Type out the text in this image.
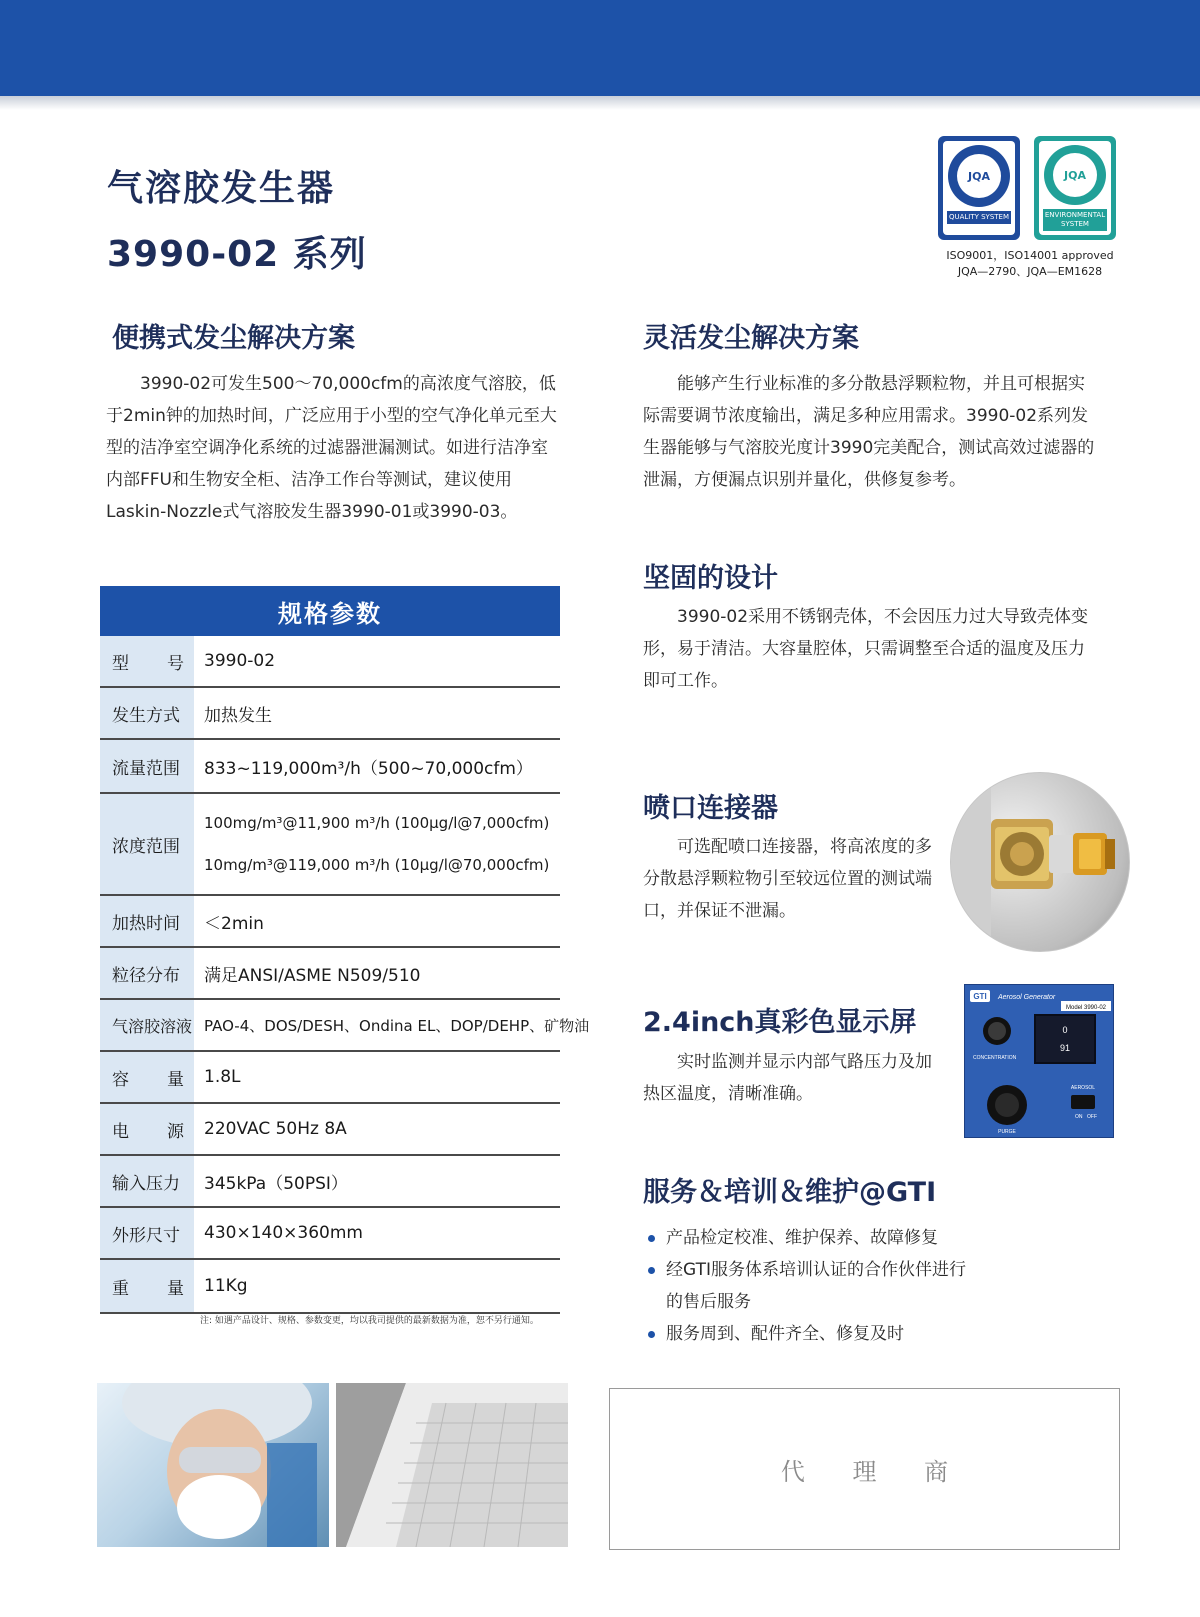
气溶胶发生器
3990-02 系列
JQA
QUALITY SYSTEM
JQA
ENVIRONMENTAL SYSTEM
ISO9001，ISO14001 approved
JQA—2790、JQA—EM1628
便携式发尘解决方案

3990-02可发生500～70,000cfm的高浓度气溶胶，低于2min钟的加热时间，广泛应用于小型的空气净化单元至大型的洁净室空调净化系统的过滤器泄漏测试。如进行洁净室内部FFU和生物安全柜、洁净工作台等测试，建议使用Laskin-Nozzle式气溶胶发生器3990-01或3990-03。

规格参数
型 号	3990-02
发生方式	加热发生
流量范围	833~119,000m³/h（500~70,000cfm）
浓度范围
100mg/m³@11,900 m³/h (100μg/l@7,000cfm)
10mg/m³@119,000 m³/h (10μg/l@70,000cfm)
加热时间	＜2min
粒径分布	满足ANSI/ASME N509/510
气溶胶溶液 PAO-4、DOS/DESH、Ondina EL、DOP/DEHP、矿物油
容 量	1.8L
电 源	220VAC 50Hz 8A
输入压力	345kPa（50PSI）
外形尺寸	430×140×360mm
重 量	11Kg
注: 如遇产品设计、规格、参数变更，均以我司提供的最新数据为准，恕不另行通知。
灵活发尘解决方案

能够产生行业标准的多分散悬浮颗粒物，并且可根据实际需要调节浓度输出，满足多种应用需求。3990-02系列发生器能够与气溶胶光度计3990完美配合，测试高效过滤器的泄漏，方便漏点识别并量化，供修复参考。

坚固的设计

3990-02采用不锈钢壳体，不会因压力过大导致壳体变形，易于清洁。大容量腔体，只需调整至合适的温度及压力即可工作。

喷口连接器

可选配喷口连接器，将高浓度的多分散悬浮颗粒物引至较远位置的测试端口，并保证不泄漏。

2.4inch真彩色显示屏

实时监测并显示内部气路压力及加热区温度，清晰准确。

GTI Aerosol Generator
Model 3990-02
CONCENTRATION
0
91
PURGE
AEROSOL
ON OFF
服务＆培训＆维护@GTI
产品检定校准、维护保养、故障修复
经GTI服务体系培训认证的合作伙伴进行的售后服务
服务周到、配件齐全、修复及时
代 理 商
